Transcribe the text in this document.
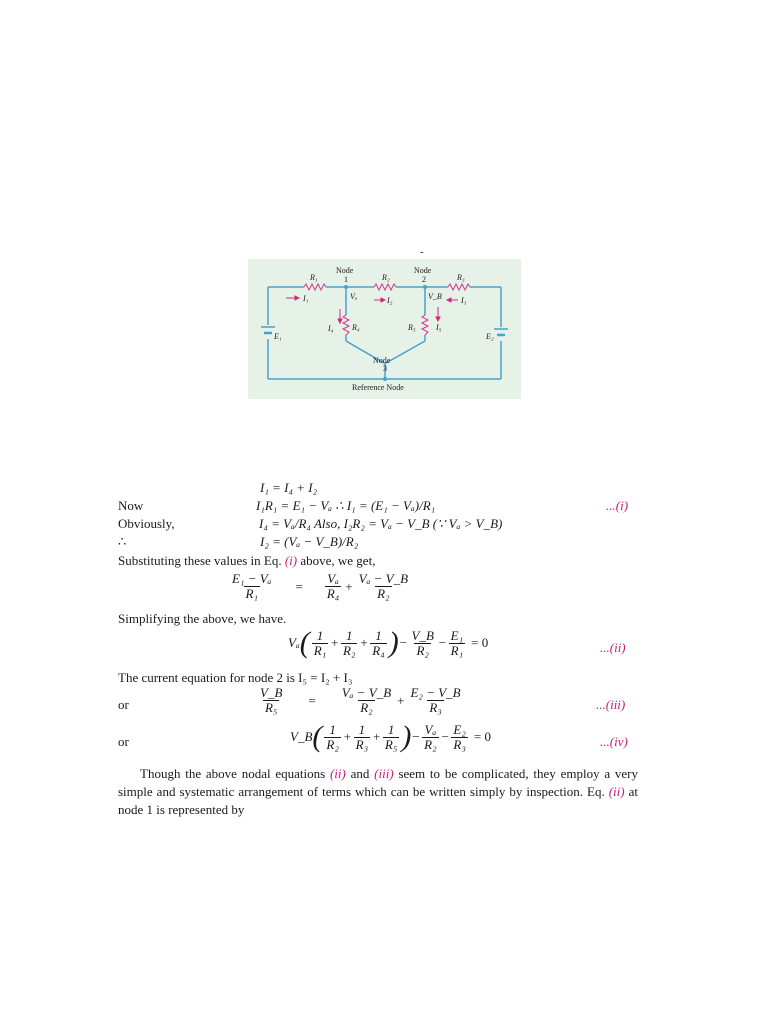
-
Node
1
Node
2
Node
3
Reference Node
R₁	R₂	R₃
R₄	R₅
I₁	I₂	I₃
I₄	I₅
Vₐ	V_B
E₁	E₂
I₁ = I₄ + I₂
Now	I₁R₁ = E₁ − Vₐ ∴ I₁ = (E₁ − Vₐ)/R₁	...(i)
Obviously,	I₄ = Vₐ/R₄ Also, I₂R₂ = Vₐ − V_B (∵ Vₐ > V_B)
∴	I₂ = (Vₐ − V_B)/R₂
Substituting these values in Eq. (i) above, we get,
$\frac{\text{E₁ − Vₐ}}{\text{R₁}} = \frac{\text{Vₐ}}{\text{R₄}} + \frac{\text{Vₐ − V\_B}}{\text{R₂}}$
Simplifying the above, we have.
Vₐ ( $\frac{1}{\text{R₁}} + \frac{1}{\text{R₂}} + \frac{1}{\text{R₄}}$ ) − $\frac{V\_B}{\text{R₂}} - \frac{\text{E₁}}{\text{R₁}} = 0$	...(ii)
The current equation for node 2 is I₅ = I₂ + I₃
or	$\frac{V\_B}{\text{R₅}} = \frac{\text{Vₐ − V\_B}}{\text{R₂}} + \frac{\text{E₂ − V\_B}}{\text{R₃}}$	...(iii)
or	V_B ( $\frac{1}{\text{R₂}} + \frac{1}{\text{R₃}} + \frac{1}{\text{R₅}}$ ) − $\frac{\text{Vₐ}}{\text{R₂}} - \frac{\text{E₂}}{\text{R₃}} = 0$	...(iv)
Though the above nodal equations (ii) and (iii) seem to be complicated, they employ a very simple and systematic arrangement of terms which can be written simply by inspection. Eq. (ii) at node 1 is represented by
